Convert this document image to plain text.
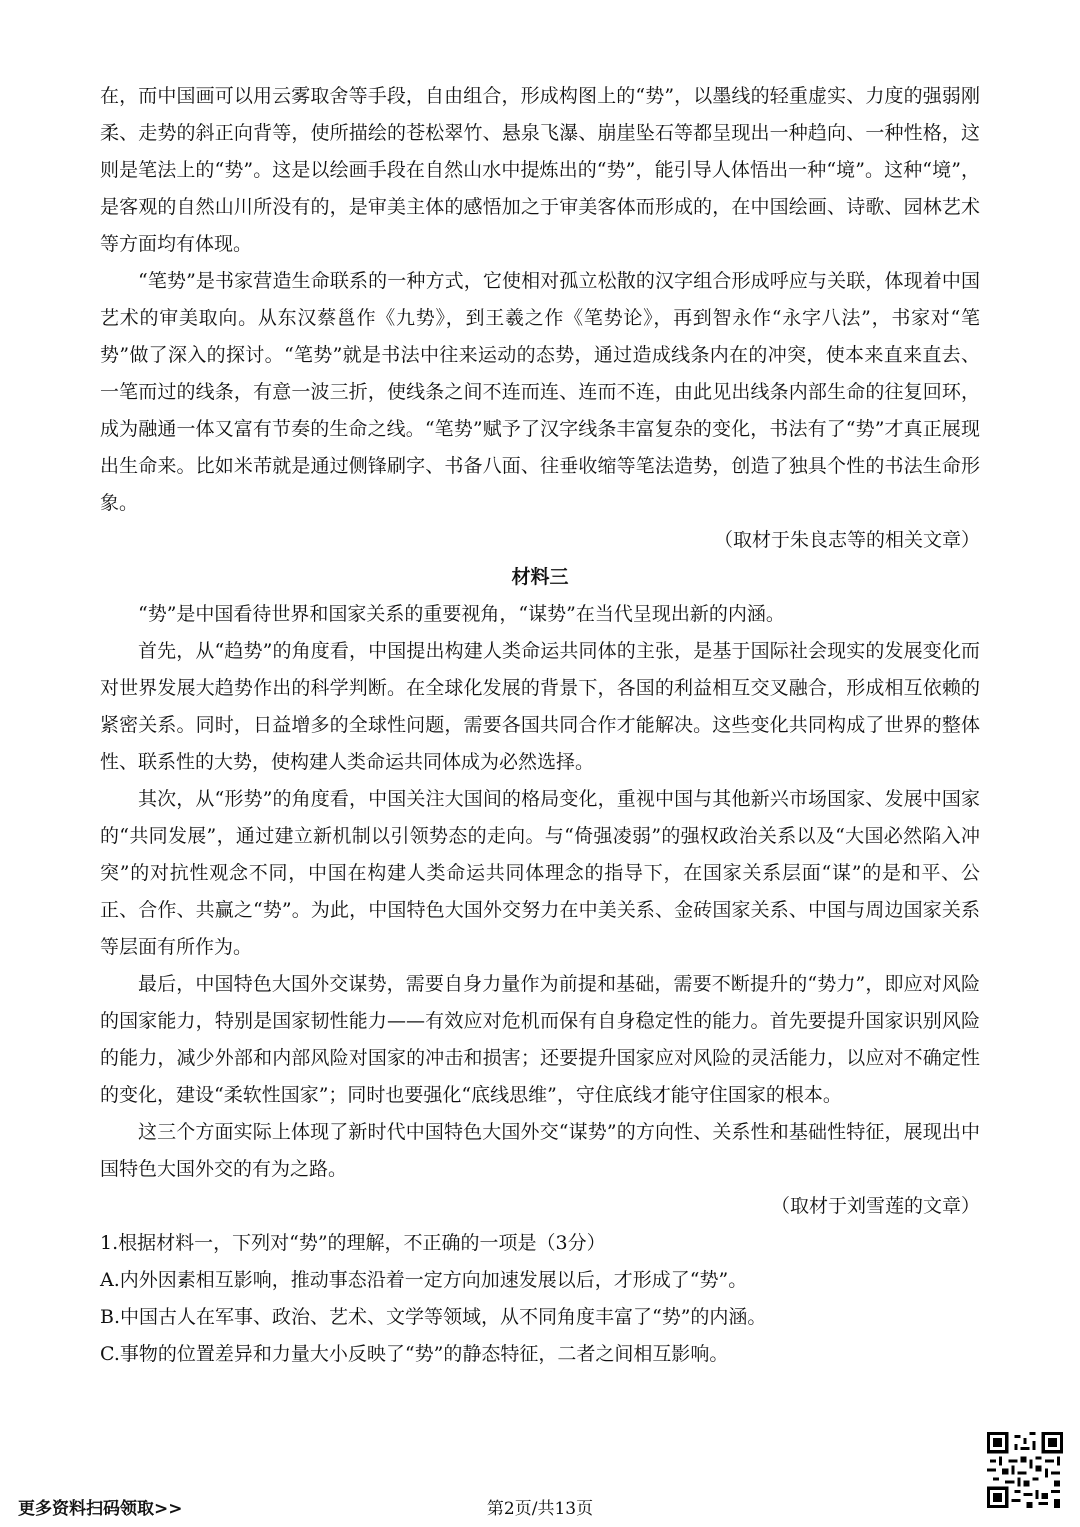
在，而中国画可以用云雾取舍等手段，自由组合，形成构图上的“势”，以墨线的轻重虚实、力度的强弱刚柔、走势的斜正向背等，使所描绘的苍松翠竹、悬泉飞瀑、崩崖坠石等都呈现出一种趋向、一种性格，这则是笔法上的“势”。这是以绘画手段在自然山水中提炼出的“势”，能引导人体悟出一种“境”。这种“境”，是客观的自然山川所没有的，是审美主体的感悟加之于审美客体而形成的，在中国绘画、诗歌、园林艺术等方面均有体现。

“笔势”是书家营造生命联系的一种方式，它使相对孤立松散的汉字组合形成呼应与关联，体现着中国艺术的审美取向。从东汉蔡邕作《九势》，到王羲之作《笔势论》，再到智永作“永字八法”，书家对“笔势”做了深入的探讨。“笔势”就是书法中往来运动的态势，通过造成线条内在的冲突，使本来直来直去、一笔而过的线条，有意一波三折，使线条之间不连而连、连而不连，由此见出线条内部生命的往复回环，成为融通一体又富有节奏的生命之线。“笔势”赋予了汉字线条丰富复杂的变化，书法有了“势”才真正展现出生命来。比如米芾就是通过侧锋刷字、书备八面、往垂收缩等笔法造势，创造了独具个性的书法生命形象。

（取材于朱良志等的相关文章）

材料三

“势”是中国看待世界和国家关系的重要视角，“谋势”在当代呈现出新的内涵。

首先，从“趋势”的角度看，中国提出构建人类命运共同体的主张，是基于国际社会现实的发展变化而对世界发展大趋势作出的科学判断。在全球化发展的背景下，各国的利益相互交叉融合，形成相互依赖的紧密关系。同时，日益增多的全球性问题，需要各国共同合作才能解决。这些变化共同构成了世界的整体性、联系性的大势，使构建人类命运共同体成为必然选择。

其次，从“形势”的角度看，中国关注大国间的格局变化，重视中国与其他新兴市场国家、发展中国家的“共同发展”，通过建立新机制以引领势态的走向。与“倚强凌弱”的强权政治关系以及“大国必然陷入冲突”的对抗性观念不同，中国在构建人类命运共同体理念的指导下，在国家关系层面“谋”的是和平、公正、合作、共赢之“势”。为此，中国特色大国外交努力在中美关系、金砖国家关系、中国与周边国家关系等层面有所作为。

最后，中国特色大国外交谋势，需要自身力量作为前提和基础，需要不断提升的“势力”，即应对风险的国家能力，特别是国家韧性能力——有效应对危机而保有自身稳定性的能力。首先要提升国家识别风险的能力，减少外部和内部风险对国家的冲击和损害；还要提升国家应对风险的灵活能力，以应对不确定性的变化，建设“柔软性国家”；同时也要强化“底线思维”，守住底线才能守住国家的根本。

这三个方面实际上体现了新时代中国特色大国外交“谋势”的方向性、关系性和基础性特征，展现出中国特色大国外交的有为之路。

（取材于刘雪莲的文章）

1.根据材料一，下列对“势”的理解，不正确的一项是（3分）

A.内外因素相互影响，推动事态沿着一定方向加速发展以后，才形成了“势”。

B.中国古人在军事、政治、艺术、文学等领域，从不同角度丰富了“势”的内涵。

C.事物的位置差异和力量大小反映了“势”的静态特征，二者之间相互影响。

更多资料扫码领取>>	第2页/共13页
